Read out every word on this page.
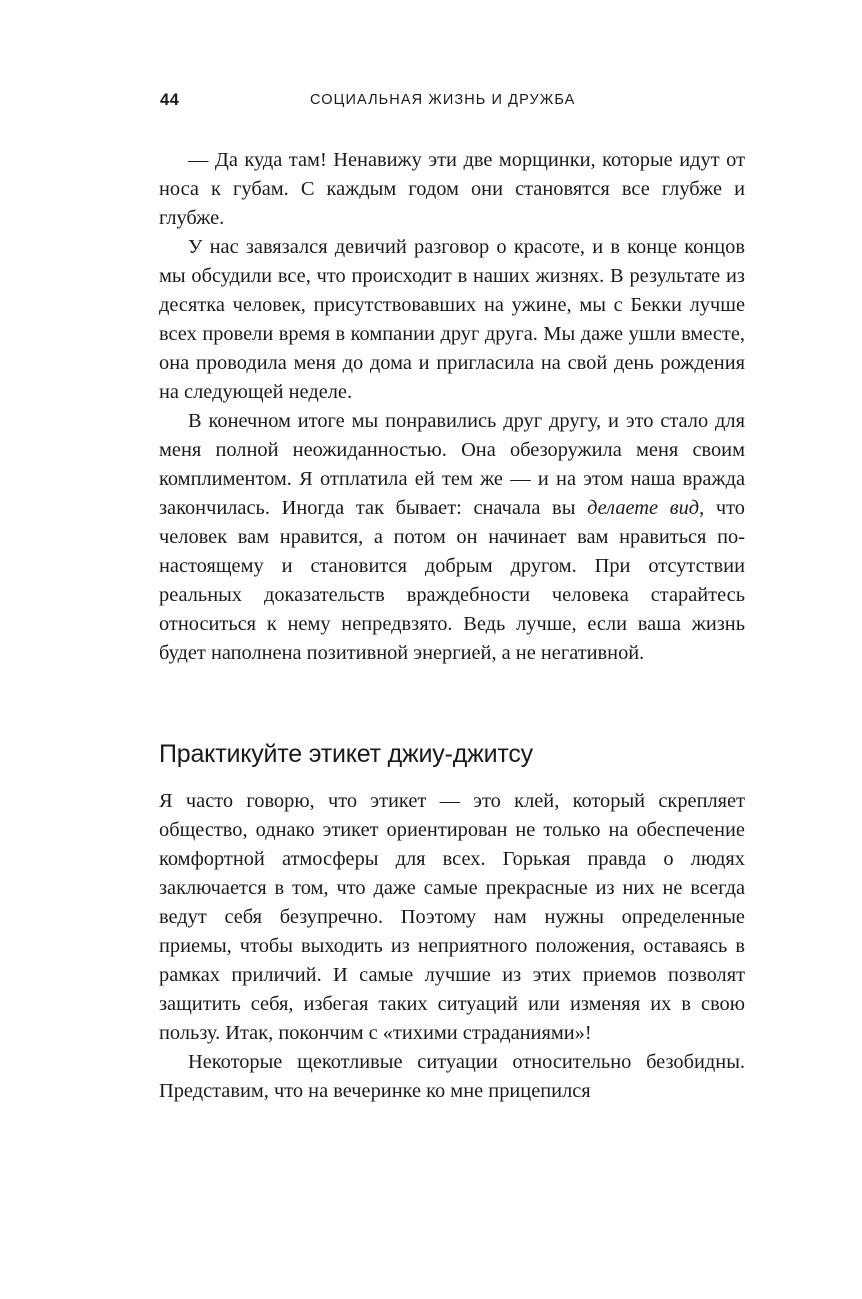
44	СОЦИАЛЬНАЯ ЖИЗНЬ И ДРУЖБА

— Да куда там! Ненавижу эти две морщинки, которые идут от носа к губам. С каждым годом они становятся все глубже и глубже.

У нас завязался девичий разговор о красоте, и в конце концов мы обсудили все, что происходит в наших жизнях. В результате из десятка человек, присутствовавших на ужине, мы с Бекки лучше всех провели время в компании друг друга. Мы даже ушли вместе, она проводила меня до дома и пригласила на свой день рождения на следующей неделе.

В конечном итоге мы понравились друг другу, и это стало для меня полной неожиданностью. Она обезоружила меня своим комплиментом. Я отплатила ей тем же — и на этом наша вражда закончилась. Иногда так бывает: сначала вы делаете вид, что человек вам нравится, а потом он начинает вам нравиться по-настоящему и становится добрым другом. При отсутствии реальных доказательств враждебности человека старайтесь относиться к нему непредвзято. Ведь лучше, если ваша жизнь будет наполнена позитивной энергией, а не негативной.

Практикуйте этикет джиу-джитсу

Я часто говорю, что этикет — это клей, который скрепляет общество, однако этикет ориентирован не только на обеспечение комфортной атмосферы для всех. Горькая правда о людях заключается в том, что даже самые прекрасные из них не всегда ведут себя безупречно. Поэтому нам нужны определенные приемы, чтобы выходить из неприятного положения, оставаясь в рамках приличий. И самые лучшие из этих приемов позволят защитить себя, избегая таких ситуаций или изменяя их в свою пользу. Итак, покончим с «тихими страданиями»!

Некоторые щекотливые ситуации относительно безобидны. Представим, что на вечеринке ко мне прицепился
